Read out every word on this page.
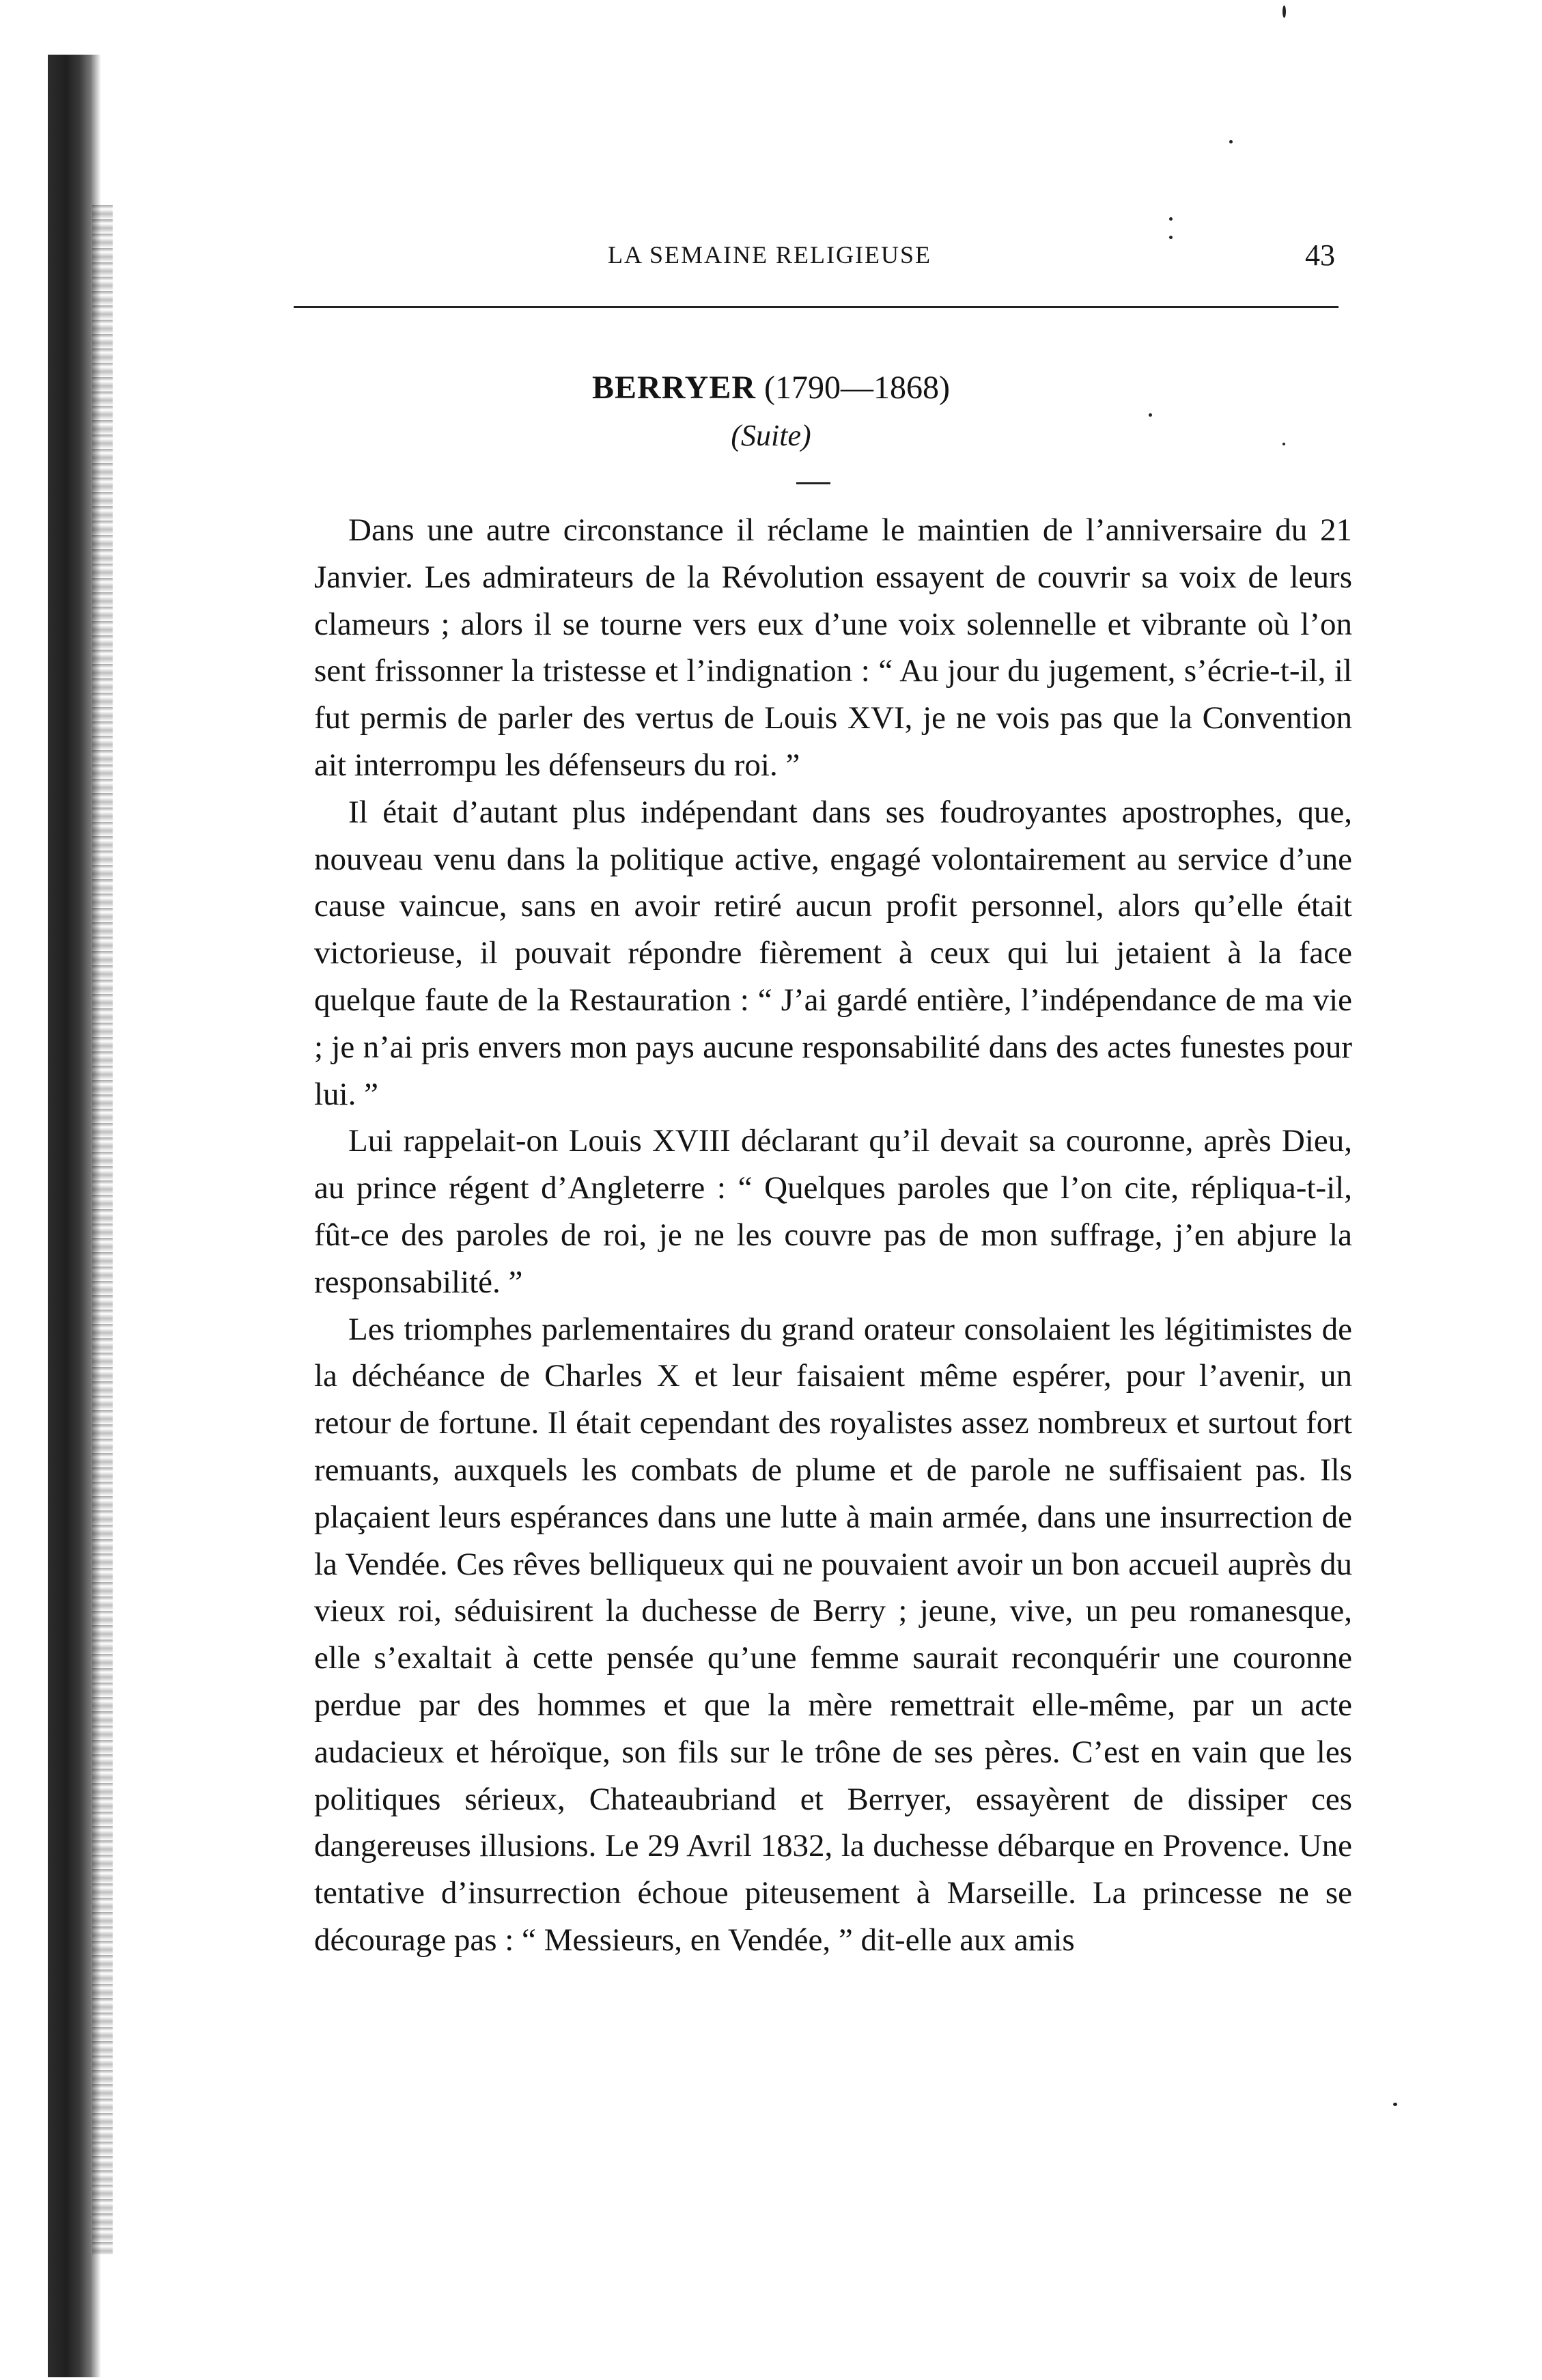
LA SEMAINE RELIGIEUSE	43
BERRYER (1790—1868)
(Suite)

Dans une autre circonstance il réclame le maintien de l’anniversaire du 21 Janvier. Les admirateurs de la Révolution essayent de couvrir sa voix de leurs clameurs ; alors il se tourne vers eux d’une voix solennelle et vibrante où l’on sent frissonner la tristesse et l’indignation : “ Au jour du jugement, s’écrie-t-il, il fut permis de parler des vertus de Louis XVI, je ne vois pas que la Convention ait interrompu les défenseurs du roi. ”

Il était d’autant plus indépendant dans ses foudroyantes apostrophes, que, nouveau venu dans la politique active, engagé volontairement au service d’une cause vaincue, sans en avoir retiré aucun profit personnel, alors qu’elle était victorieuse, il pouvait répondre fièrement à ceux qui lui jetaient à la face quelque faute de la Restauration : “ J’ai gardé entière, l’indépendance de ma vie ; je n’ai pris envers mon pays aucune responsabilité dans des actes funestes pour lui. ”

Lui rappelait-on Louis XVIII déclarant qu’il devait sa couronne, après Dieu, au prince régent d’Angleterre : “ Quelques paroles que l’on cite, répliqua-t-il, fût-ce des paroles de roi, je ne les couvre pas de mon suffrage, j’en abjure la responsabilité. ”

Les triomphes parlementaires du grand orateur consolaient les légitimistes de la déchéance de Charles X et leur faisaient même espérer, pour l’avenir, un retour de fortune. Il était cependant des royalistes assez nombreux et surtout fort remuants, auxquels les combats de plume et de parole ne suffisaient pas. Ils plaçaient leurs espérances dans une lutte à main armée, dans une insurrection de la Vendée. Ces rêves belliqueux qui ne pouvaient avoir un bon accueil auprès du vieux roi, séduisirent la duchesse de Berry ; jeune, vive, un peu romanesque, elle s’exaltait à cette pensée qu’une femme saurait reconquérir une couronne perdue par des hommes et que la mère remettrait elle-même, par un acte audacieux et héroïque, son fils sur le trône de ses pères. C’est en vain que les politiques sérieux, Chateaubriand et Berryer, essayèrent de dissiper ces dangereuses illusions. Le 29 Avril 1832, la duchesse débarque en Provence. Une tentative d’insurrection échoue piteusement à Marseille. La princesse ne se décourage pas : “ Messieurs, en Vendée, ” dit-elle aux amis
